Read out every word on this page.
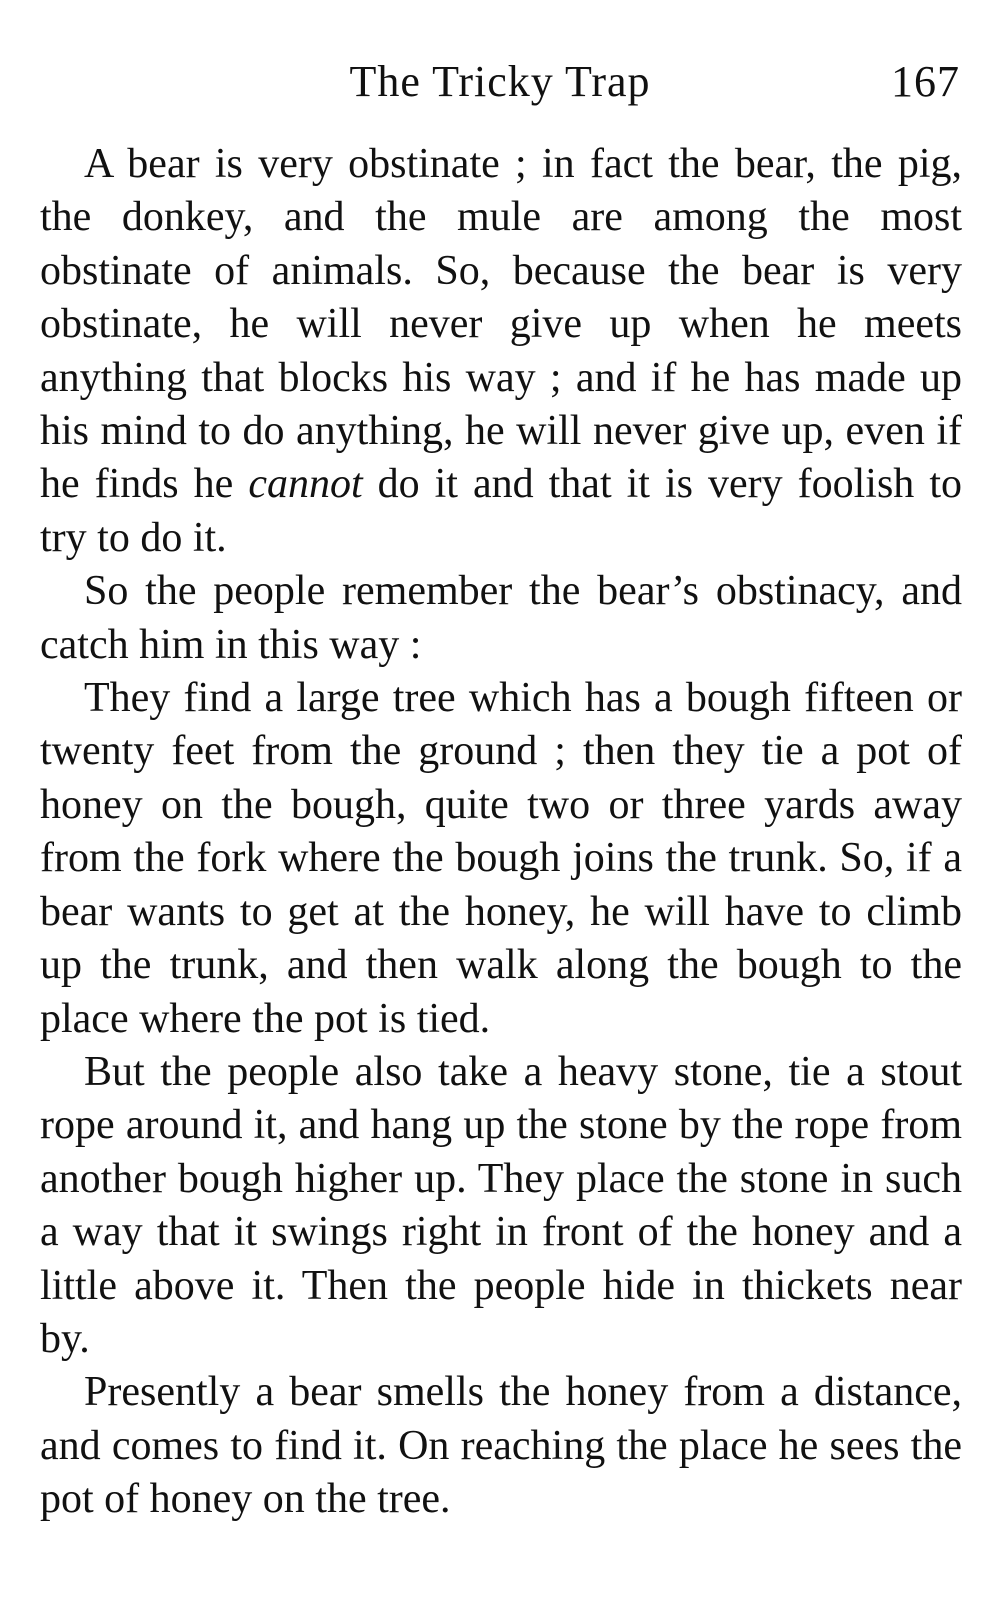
The Tricky Trap	167

A bear is very obstinate ; in fact the bear, the pig, the donkey, and the mule are among the most obstinate of animals. So, because the bear is very obstinate, he will never give up when he meets anything that blocks his way ; and if he has made up his mind to do anything, he will never give up, even if he finds he cannot do it and that it is very foolish to try to do it.

So the people remember the bear’s obstinacy, and catch him in this way :

They find a large tree which has a bough fifteen or twenty feet from the ground ; then they tie a pot of honey on the bough, quite two or three yards away from the fork where the bough joins the trunk. So, if a bear wants to get at the honey, he will have to climb up the trunk, and then walk along the bough to the place where the pot is tied.

But the people also take a heavy stone, tie a stout rope around it, and hang up the stone by the rope from another bough higher up. They place the stone in such a way that it swings right in front of the honey and a little above it. Then the people hide in thickets near by.

Presently a bear smells the honey from a distance, and comes to find it. On reaching the place he sees the pot of honey on the tree.
